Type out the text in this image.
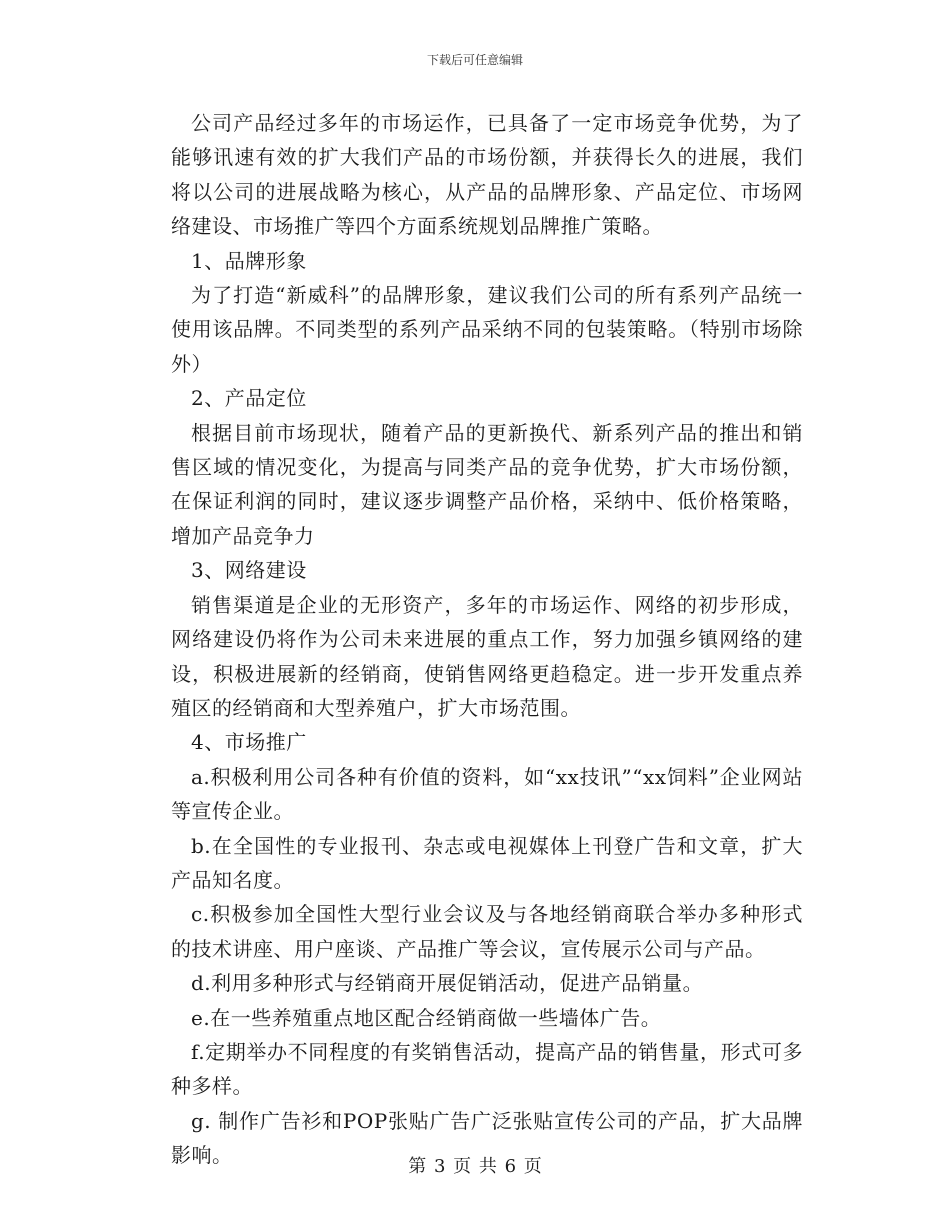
下载后可任意编辑

公司产品经过多年的市场运作，已具备了一定市场竞争优势，为了能够讯速有效的扩大我们产品的市场份额，并获得长久的进展，我们将以公司的进展战略为核心，从产品的品牌形象、产品定位、市场网络建设、市场推广等四个方面系统规划品牌推广策略。

1、品牌形象

为了打造“新威科”的品牌形象，建议我们公司的所有系列产品统一使用该品牌。不同类型的系列产品采纳不同的包装策略。（特别市场除外）

2、产品定位

根据目前市场现状，随着产品的更新换代、新系列产品的推出和销售区域的情况变化，为提高与同类产品的竞争优势，扩大市场份额，在保证利润的同时，建议逐步调整产品价格，采纳中、低价格策略，增加产品竞争力

3、网络建设

销售渠道是企业的无形资产，多年的市场运作、网络的初步形成，网络建设仍将作为公司未来进展的重点工作，努力加强乡镇网络的建设，积极进展新的经销商，使销售网络更趋稳定。进一步开发重点养殖区的经销商和大型养殖户，扩大市场范围。

4、市场推广

a.积极利用公司各种有价值的资料，如“xx技讯”“xx饲料”企业网站等宣传企业。

b.在全国性的专业报刊、杂志或电视媒体上刊登广告和文章，扩大产品知名度。

c.积极参加全国性大型行业会议及与各地经销商联合举办多种形式的技术讲座、用户座谈、产品推广等会议，宣传展示公司与产品。

d.利用多种形式与经销商开展促销活动，促进产品销量。

e.在一些养殖重点地区配合经销商做一些墙体广告。

f.定期举办不同程度的有奖销售活动，提高产品的销售量，形式可多种多样。

g. 制作广告衫和POP张贴广告广泛张贴宣传公司的产品，扩大品牌影响。	第 3 页 共 6 页
